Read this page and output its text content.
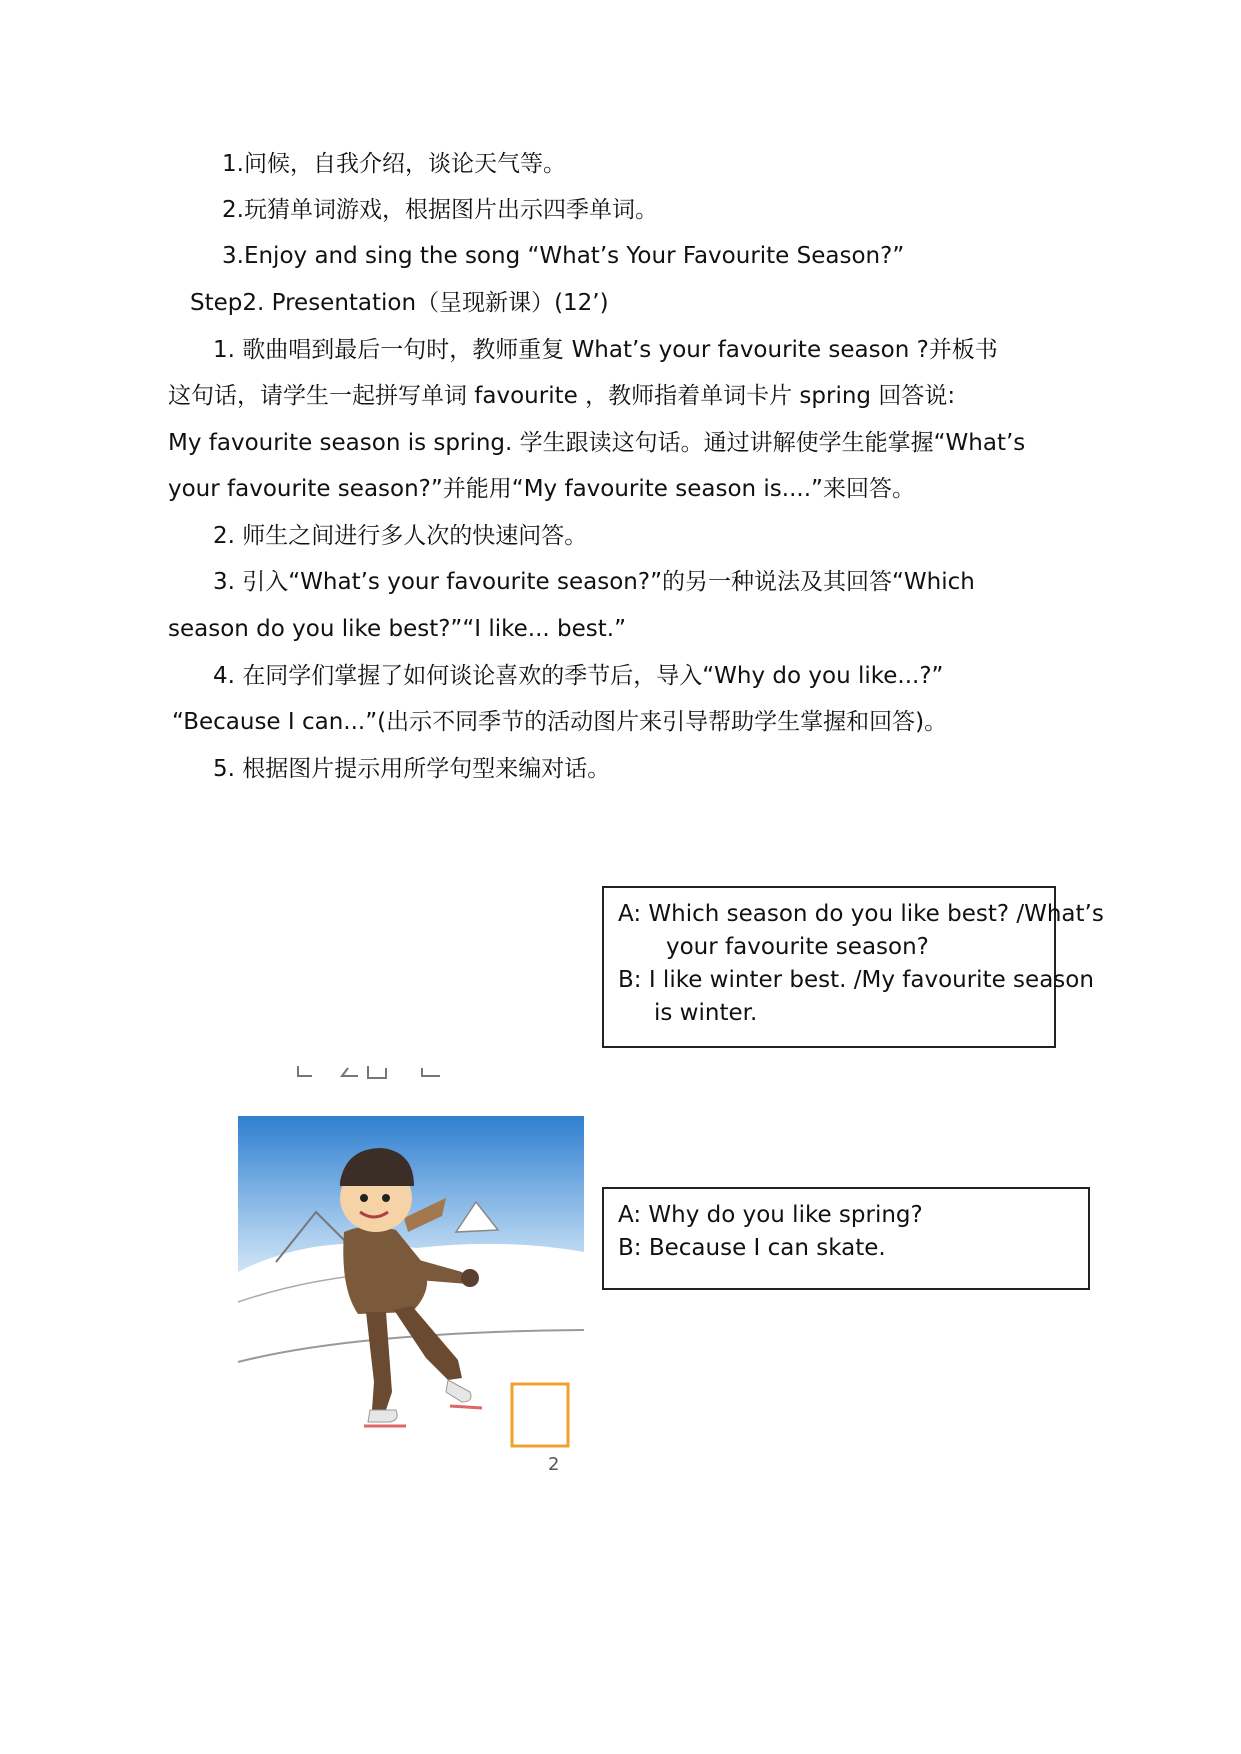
1.问候，自我介绍，谈论天气等。
2.玩猜单词游戏，根据图片出示四季单词。
3.Enjoy and sing the song “What’s Your Favourite Season?”
Step2. Presentation（呈现新课）(12’)
1. 歌曲唱到最后一句时，教师重复 What’s your favourite season ?并板书
这句话，请学生一起拼写单词 favourite ，教师指着单词卡片 spring 回答说:
My favourite season is spring. 学生跟读这句话。通过讲解使学生能掌握“What’s
your favourite season?”并能用“My favourite season is....”来回答。
2. 师生之间进行多人次的快速问答。
3. 引入“What’s your favourite season?”的另一种说法及其回答“Which
season do you like best?”“I like... best.”
4. 在同学们掌握了如何谈论喜欢的季节后，导入“Why do you like...?”
“Because I can...”(出示不同季节的活动图片来引导帮助学生掌握和回答)。
5. 根据图片提示用所学句型来编对话。

A: Which season do you like best? /What’s

your favourite season?

B: I like winter best. /My favourite season

is winter.

A: Why do you like spring?

B: Because I can skate.

2
